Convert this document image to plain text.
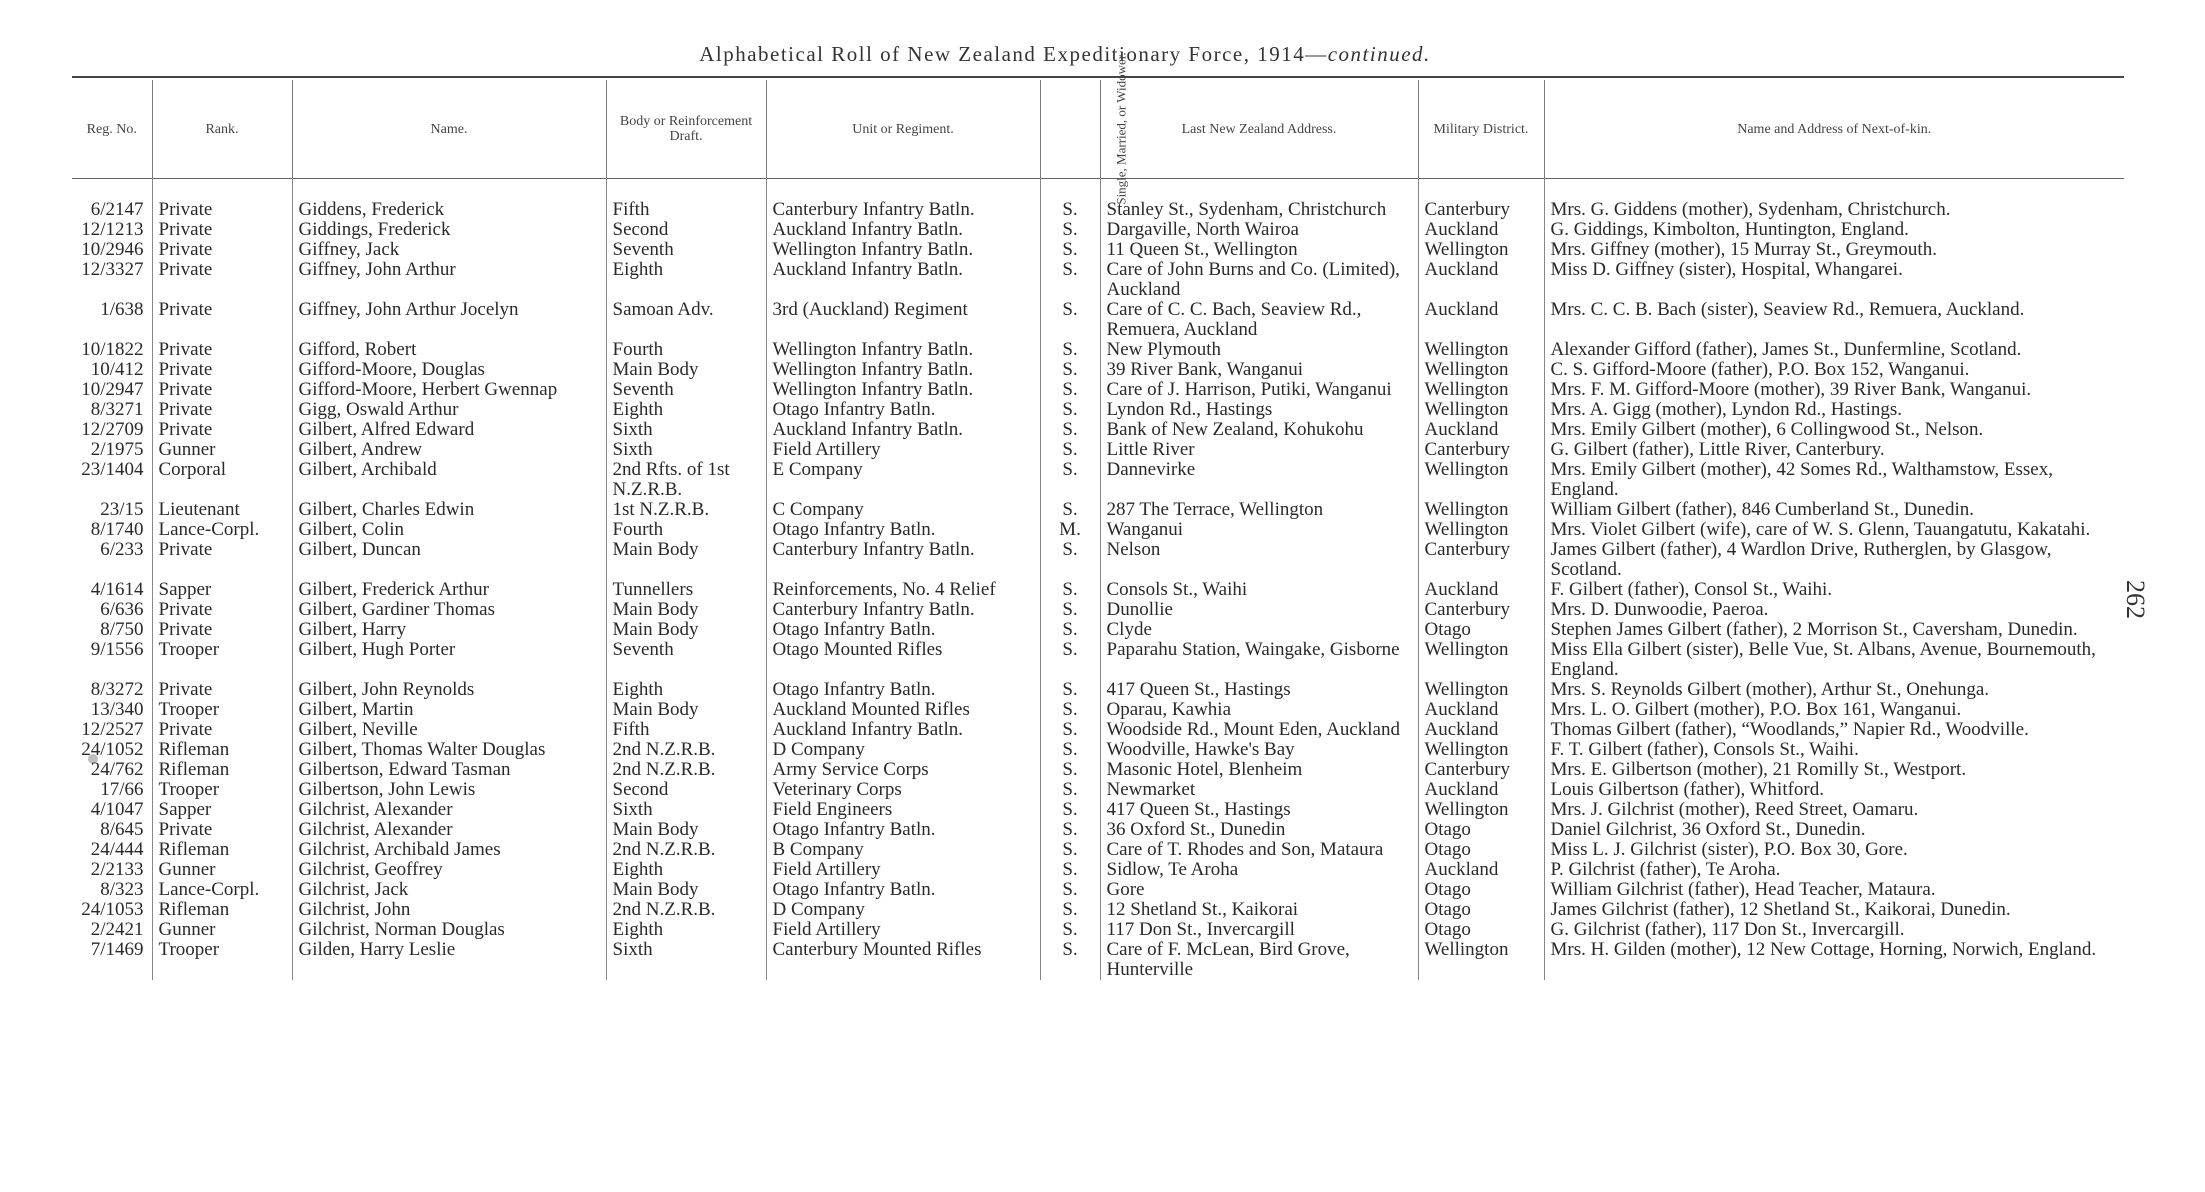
Alphabetical Roll of New Zealand Expeditionary Force, 1914—continued.
262
Reg. No.	Rank.	Name.	Body or Reinforcement Draft.	Unit or Regiment.	Single, Married, or Widower.	Last New Zealand Address.	Military District.	Name and Address of Next-of-kin.

6/2147	Private	Giddens, Frederick	Fifth	Canterbury Infantry Batln.	S.	Stanley St., Sydenham, Christchurch	Canterbury	Mrs. G. Giddens (mother), Sydenham, Christchurch.
12/1213	Private	Giddings, Frederick	Second	Auckland Infantry Batln.	S.	Dargaville, North Wairoa	Auckland	G. Giddings, Kimbolton, Huntington, England.
10/2946	Private	Giffney, Jack	Seventh	Wellington Infantry Batln.	S.	11 Queen St., Wellington	Wellington	Mrs. Giffney (mother), 15 Murray St., Greymouth.
12/3327	Private	Giffney, John Arthur	Eighth	Auckland Infantry Batln.	S.	Care of John Burns and Co. (Limited), Auckland	Auckland	Miss D. Giffney (sister), Hospital, Whangarei.
1/638	Private	Giffney, John Arthur Jocelyn	Samoan Adv.	3rd (Auckland) Regiment	S.	Care of C. C. Bach, Seaview Rd., Remuera, Auckland	Auckland	Mrs. C. C. B. Bach (sister), Seaview Rd., Remuera, Auckland.
10/1822	Private	Gifford, Robert	Fourth	Wellington Infantry Batln.	S.	New Plymouth	Wellington	Alexander Gifford (father), James St., Dunfermline, Scotland.
10/412	Private	Gifford-Moore, Douglas	Main Body	Wellington Infantry Batln.	S.	39 River Bank, Wanganui	Wellington	C. S. Gifford-Moore (father), P.O. Box 152, Wanganui.
10/2947	Private	Gifford-Moore, Herbert Gwennap	Seventh	Wellington Infantry Batln.	S.	Care of J. Harrison, Putiki, Wanganui	Wellington	Mrs. F. M. Gifford-Moore (mother), 39 River Bank, Wanganui.
8/3271	Private	Gigg, Oswald Arthur	Eighth	Otago Infantry Batln.	S.	Lyndon Rd., Hastings	Wellington	Mrs. A. Gigg (mother), Lyndon Rd., Hastings.
12/2709	Private	Gilbert, Alfred Edward	Sixth	Auckland Infantry Batln.	S.	Bank of New Zealand, Kohukohu	Auckland	Mrs. Emily Gilbert (mother), 6 Collingwood St., Nelson.
2/1975	Gunner	Gilbert, Andrew	Sixth	Field Artillery	S.	Little River	Canterbury	G. Gilbert (father), Little River, Canterbury.
23/1404	Corporal	Gilbert, Archibald	2nd Rfts. of 1st N.Z.R.B.	E Company	S.	Dannevirke	Wellington	Mrs. Emily Gilbert (mother), 42 Somes Rd., Walthamstow, Essex, England.
23/15	Lieutenant	Gilbert, Charles Edwin	1st N.Z.R.B.	C Company	S.	287 The Terrace, Wellington	Wellington	William Gilbert (father), 846 Cumberland St., Dunedin.
8/1740	Lance-Corpl.	Gilbert, Colin	Fourth	Otago Infantry Batln.	M.	Wanganui	Wellington	Mrs. Violet Gilbert (wife), care of W. S. Glenn, Tauangatutu, Kakatahi.
6/233	Private	Gilbert, Duncan	Main Body	Canterbury Infantry Batln.	S.	Nelson	Canterbury	James Gilbert (father), 4 Wardlon Drive, Rutherglen, by Glasgow, Scotland.
4/1614	Sapper	Gilbert, Frederick Arthur	Tunnellers	Reinforcements, No. 4 Relief	S.	Consols St., Waihi	Auckland	F. Gilbert (father), Consol St., Waihi.
6/636	Private	Gilbert, Gardiner Thomas	Main Body	Canterbury Infantry Batln.	S.	Dunollie	Canterbury	Mrs. D. Dunwoodie, Paeroa.
8/750	Private	Gilbert, Harry	Main Body	Otago Infantry Batln.	S.	Clyde	Otago	Stephen James Gilbert (father), 2 Morrison St., Caversham, Dunedin.
9/1556	Trooper	Gilbert, Hugh Porter	Seventh	Otago Mounted Rifles	S.	Paparahu Station, Waingake, Gisborne	Wellington	Miss Ella Gilbert (sister), Belle Vue, St. Albans, Avenue, Bournemouth, England.
8/3272	Private	Gilbert, John Reynolds	Eighth	Otago Infantry Batln.	S.	417 Queen St., Hastings	Wellington	Mrs. S. Reynolds Gilbert (mother), Arthur St., Onehunga.
13/340	Trooper	Gilbert, Martin	Main Body	Auckland Mounted Rifles	S.	Oparau, Kawhia	Auckland	Mrs. L. O. Gilbert (mother), P.O. Box 161, Wanganui.
12/2527	Private	Gilbert, Neville	Fifth	Auckland Infantry Batln.	S.	Woodside Rd., Mount Eden, Auckland	Auckland	Thomas Gilbert (father), “Woodlands,” Napier Rd., Woodville.
24/1052	Rifleman	Gilbert, Thomas Walter Douglas	2nd N.Z.R.B.	D Company	S.	Woodville, Hawke's Bay	Wellington	F. T. Gilbert (father), Consols St., Waihi.
24/762	Rifleman	Gilbertson, Edward Tasman	2nd N.Z.R.B.	Army Service Corps	S.	Masonic Hotel, Blenheim	Canterbury	Mrs. E. Gilbertson (mother), 21 Romilly St., Westport.
17/66	Trooper	Gilbertson, John Lewis	Second	Veterinary Corps	S.	Newmarket	Auckland	Louis Gilbertson (father), Whitford.
4/1047	Sapper	Gilchrist, Alexander	Sixth	Field Engineers	S.	417 Queen St., Hastings	Wellington	Mrs. J. Gilchrist (mother), Reed Street, Oamaru.
8/645	Private	Gilchrist, Alexander	Main Body	Otago Infantry Batln.	S.	36 Oxford St., Dunedin	Otago	Daniel Gilchrist, 36 Oxford St., Dunedin.
24/444	Rifleman	Gilchrist, Archibald James	2nd N.Z.R.B.	B Company	S.	Care of T. Rhodes and Son, Mataura	Otago	Miss L. J. Gilchrist (sister), P.O. Box 30, Gore.
2/2133	Gunner	Gilchrist, Geoffrey	Eighth	Field Artillery	S.	Sidlow, Te Aroha	Auckland	P. Gilchrist (father), Te Aroha.
8/323	Lance-Corpl.	Gilchrist, Jack	Main Body	Otago Infantry Batln.	S.	Gore	Otago	William Gilchrist (father), Head Teacher, Mataura.
24/1053	Rifleman	Gilchrist, John	2nd N.Z.R.B.	D Company	S.	12 Shetland St., Kaikorai	Otago	James Gilchrist (father), 12 Shetland St., Kaikorai, Dunedin.
2/2421	Gunner	Gilchrist, Norman Douglas	Eighth	Field Artillery	S.	117 Don St., Invercargill	Otago	G. Gilchrist (father), 117 Don St., Invercargill.
7/1469	Trooper	Gilden, Harry Leslie	Sixth	Canterbury Mounted Rifles	S.	Care of F. McLean, Bird Grove, Hunterville	Wellington	Mrs. H. Gilden (mother), 12 New Cottage, Horning, Norwich, England.
